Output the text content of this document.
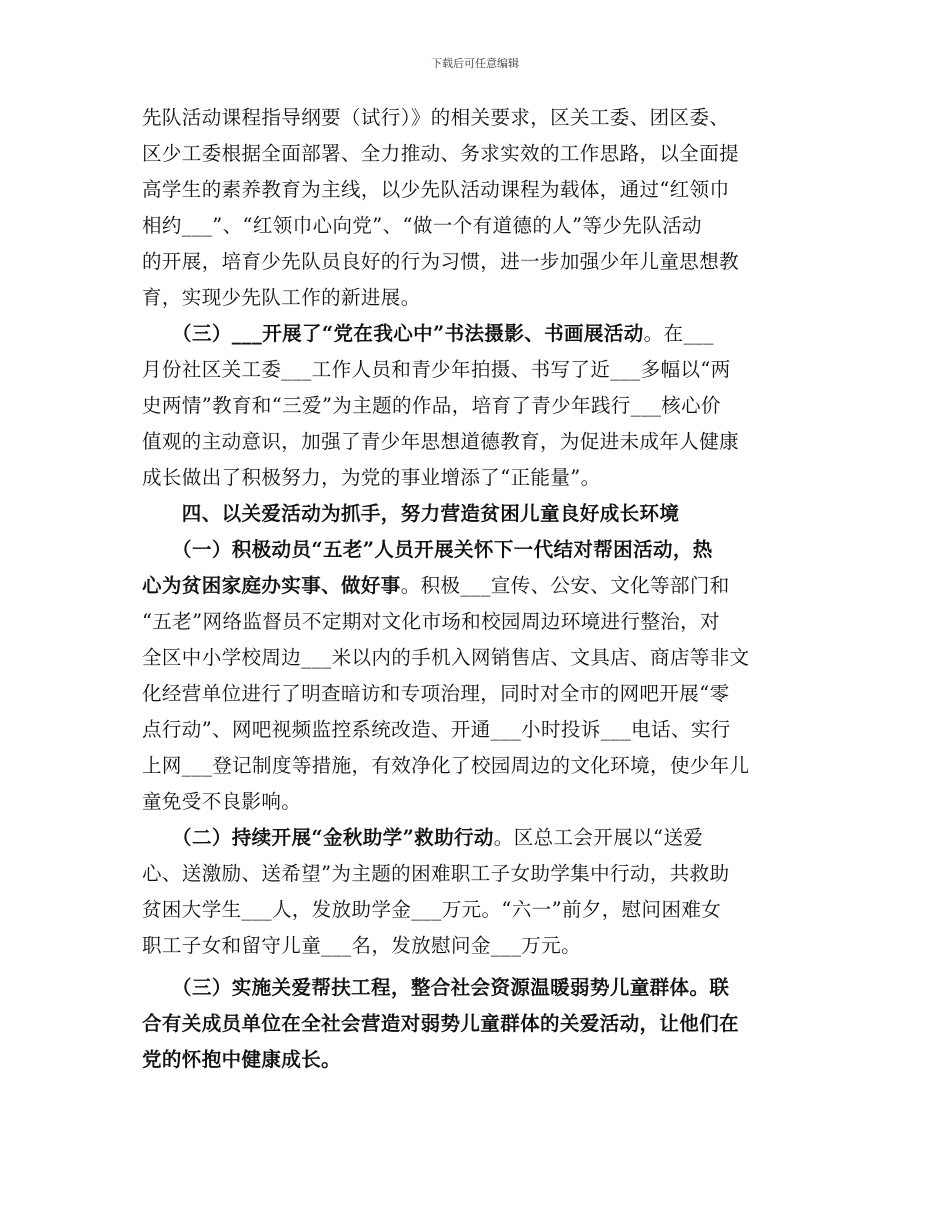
下载后可任意编辑
先队活动课程指导纲要（试行）》的相关要求，区关工委、团区委、
区少工委根据全面部署、全力推动、务求实效的工作思路，以全面提
高学生的素养教育为主线，以少先队活动课程为载体，通过“红领巾
相约___”、“红领巾心向党”、“做一个有道德的人”等少先队活动
的开展，培育少先队员良好的行为习惯，进一步加强少年儿童思想教
育，实现少先队工作的新进展。
　　（三）___开展了“党在我心中”书法摄影、书画展活动。在___
月份社区关工委___工作人员和青少年拍摄、书写了近___多幅以“两
史两情”教育和“三爱”为主题的作品，培育了青少年践行___核心价
值观的主动意识，加强了青少年思想道德教育，为促进未成年人健康
成长做出了积极努力，为党的事业增添了“正能量”。
　　四、以关爱活动为抓手，努力营造贫困儿童良好成长环境
　　（一）积极动员“五老”人员开展关怀下一代结对帮困活动，热
心为贫困家庭办实事、做好事。积极___宣传、公安、文化等部门和
“五老”网络监督员不定期对文化市场和校园周边环境进行整治，对
全区中小学校周边___米以内的手机入网销售店、文具店、商店等非文
化经营单位进行了明查暗访和专项治理，同时对全市的网吧开展“零
点行动”、网吧视频监控系统改造、开通___小时投诉___电话、实行
上网___登记制度等措施，有效净化了校园周边的文化环境，使少年儿
童免受不良影响。
　　（二）持续开展“金秋助学”救助行动。区总工会开展以“送爱
心、送激励、送希望”为主题的困难职工子女助学集中行动，共救助
贫困大学生___人，发放助学金___万元。“六一”前夕，慰问困难女
职工子女和留守儿童___名，发放慰问金___万元。
　　（三）实施关爱帮扶工程，整合社会资源温暖弱势儿童群体。联
合有关成员单位在全社会营造对弱势儿童群体的关爱活动，让他们在
党的怀抱中健康成长。
